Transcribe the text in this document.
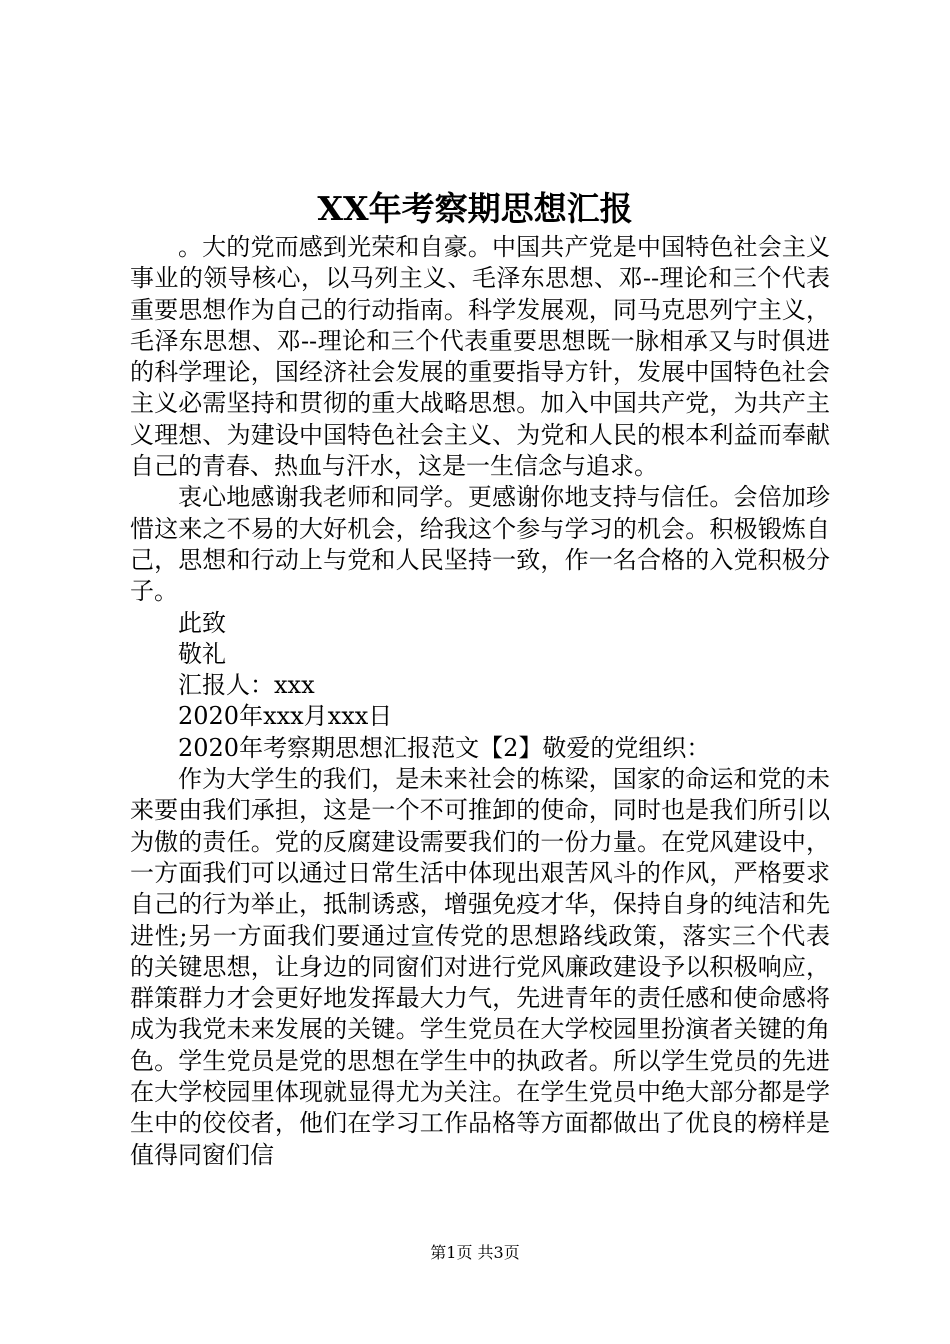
XX年考察期思想汇报

。大的党而感到光荣和自豪。中国共产党是中国特色社会主义事业的领导核心，以马列主义、毛泽东思想、邓--理论和三个代表重要思想作为自己的行动指南。科学发展观，同马克思列宁主义，毛泽东思想、邓--理论和三个代表重要思想既一脉相承又与时俱进的科学理论，国经济社会发展的重要指导方针，发展中国特色社会主义必需坚持和贯彻的重大战略思想。加入中国共产党，为共产主义理想、为建设中国特色社会主义、为党和人民的根本利益而奉献自己的青春、热血与汗水，这是一生信念与追求。

衷心地感谢我老师和同学。更感谢你地支持与信任。会倍加珍惜这来之不易的大好机会，给我这个参与学习的机会。积极锻炼自己，思想和行动上与党和人民坚持一致，作一名合格的入党积极分子。

此致

敬礼

汇报人：xxx

2020年xxx月xxx日

2020年考察期思想汇报范文【2】敬爱的党组织：

作为大学生的我们，是未来社会的栋梁，国家的命运和党的未来要由我们承担，这是一个不可推卸的使命，同时也是我们所引以为傲的责任。党的反腐建设需要我们的一份力量。在党风建设中，一方面我们可以通过日常生活中体现出艰苦风斗的作风，严格要求自己的行为举止，抵制诱惑，增强免疫才华，保持自身的纯洁和先进性;另一方面我们要通过宣传党的思想路线政策，落实三个代表的关键思想，让身边的同窗们对进行党风廉政建设予以积极响应，群策群力才会更好地发挥最大力气，先进青年的责任感和使命感将成为我党未来发展的关键。学生党员在大学校园里扮演者关键的角色。学生党员是党的思想在学生中的执政者。所以学生党员的先进在大学校园里体现就显得尤为关注。在学生党员中绝大部分都是学生中的佼佼者，他们在学习工作品格等方面都做出了优良的榜样是值得同窗们信

第1页 共3页
